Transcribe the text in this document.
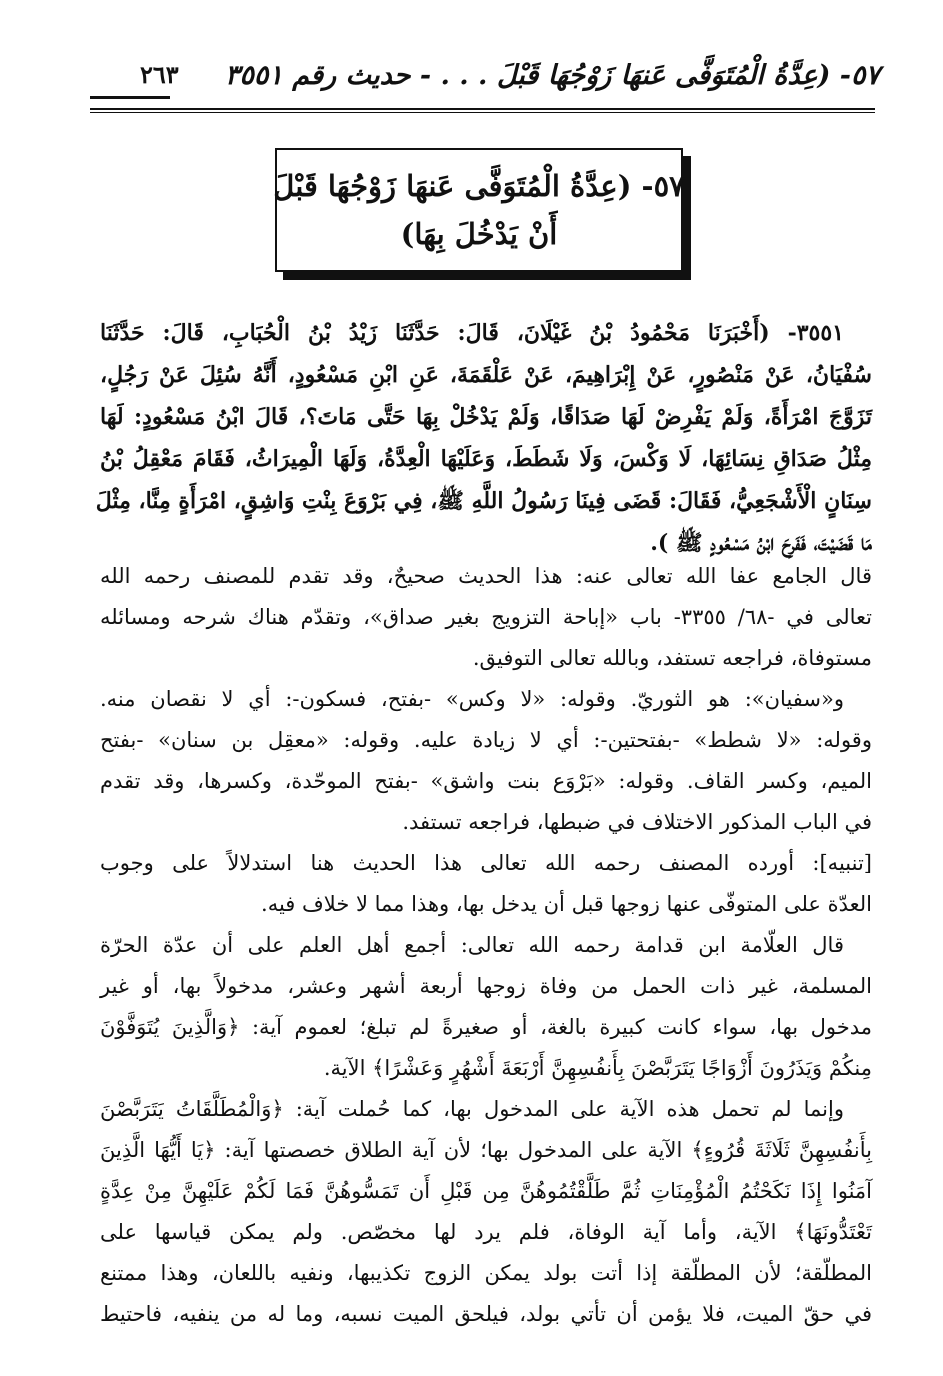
٥٧- (عِدَّةُ الْمُتَوَفَّى عَنهَا زَوْجُهَا قَبْلَ . . . - حديث رقم ٣٥٥١
٢٦٣
٥٧- (عِدَّةُ الْمُتَوَفَّى عَنهَا زَوْجُهَا قَبْلَ
أَنْ يَدْخُلَ بِهَا)
٣٥٥١- (أَخْبَرَنَا مَحْمُودُ بْنُ غَيْلَانَ، قَالَ: حَدَّثَنَا زَيْدُ بْنُ الْحُبَابِ، قَالَ: حَدَّثَنَا
سُفْيَانُ، عَنْ مَنْصُورٍ، عَنْ إِبْرَاهِيمَ، عَنْ عَلْقَمَةَ، عَنِ ابْنِ مَسْعُودٍ، أَنَّهُ سُئِلَ عَنْ رَجُلٍ،
تَزَوَّجَ امْرَأَةً، وَلَمْ يَفْرِضْ لَهَا صَدَاقًا، وَلَمْ يَدْخُلْ بِهَا حَتَّى مَاتَ؟، قَالَ ابْنُ مَسْعُودٍ: لَهَا
مِثْلُ صَدَاقِ نِسَائِهَا، لَا وَكْسَ، وَلَا شَطَطَ، وَعَلَيْهَا الْعِدَّةُ، وَلَهَا الْمِيرَاثُ، فَقَامَ مَعْقِلُ بْنُ
سِنَانٍ الْأَشْجَعِيُّ، فَقَالَ: قَضَى فِينَا رَسُولُ اللَّهِ ﷺ، فِي بَرْوَعَ بِنْتِ وَاشِقٍ، امْرَأَةٍ مِنَّا، مِثْلَ
مَا قَضَيْتَ، فَفَرِحَ ابْنُ مَسْعُودٍ ﷺ ).
قال الجامع عفا الله تعالى عنه: هذا الحديث صحيحٌ، وقد تقدم للمصنف رحمه الله
تعالى في -٦٨/ ٣٣٥٥- باب «إباحة التزويج بغير صداق»، وتقدّم هناك شرحه ومسائله
مستوفاة، فراجعه تستفد، وبالله تعالى التوفيق.
و«سفيان»: هو الثوريّ. وقوله: «لا وكس» -بفتح، فسكون-: أي لا نقصان منه.
وقوله: «لا شطط» -بفتحتين-: أي لا زيادة عليه. وقوله: «معقِل بن سنان» -بفتح
الميم، وكسر القاف. وقوله: «بَرْوَع بنت واشق» -بفتح الموحّدة، وكسرها، وقد تقدم
في الباب المذكور الاختلاف في ضبطها، فراجعه تستفد.
[تنبيه]: أورده المصنف رحمه الله تعالى هذا الحديث هنا استدلالاً على وجوب
العدّة على المتوفّى عنها زوجها قبل أن يدخل بها، وهذا مما لا خلاف فيه.
قال العلّامة ابن قدامة رحمه الله تعالى: أجمع أهل العلم على أن عدّة الحرّة
المسلمة، غير ذات الحمل من وفاة زوجها أربعة أشهر وعشر، مدخولاً بها، أو غير
مدخول بها، سواء كانت كبيرة بالغة، أو صغيرةً لم تبلغ؛ لعموم آية: ﴿وَالَّذِينَ يُتَوَفَّوْنَ
مِنكُمْ وَيَذَرُونَ أَزْوَاجًا يَتَرَبَّصْنَ بِأَنفُسِهِنَّ أَرْبَعَةَ أَشْهُرٍ وَعَشْرًا﴾ الآية.
وإنما لم تحمل هذه الآية على المدخول بها، كما حُملت آية: ﴿وَالْمُطَلَّقَاتُ يَتَرَبَّصْنَ
بِأَنفُسِهِنَّ ثَلَاثَةَ قُرُوءٍ﴾ الآية على المدخول بها؛ لأن آية الطلاق خصصتها آية: ﴿يَا أَيُّهَا الَّذِينَ
آمَنُوا إِذَا نَكَحْتُمُ الْمُؤْمِنَاتِ ثُمَّ طَلَّقْتُمُوهُنَّ مِن قَبْلِ أَن تَمَسُّوهُنَّ فَمَا لَكُمْ عَلَيْهِنَّ مِنْ عِدَّةٍ
تَعْتَدُّونَهَا﴾ الآية، وأما آية الوفاة، فلم يرد لها مخصّص. ولم يمكن قياسها على
المطلّقة؛ لأن المطلّقة إذا أتت بولد يمكن الزوج تكذيبها، ونفيه باللعان، وهذا ممتنع
في حقّ الميت، فلا يؤمن أن تأتي بولد، فيلحق الميت نسبه، وما له من ينفيه، فاحتيط
